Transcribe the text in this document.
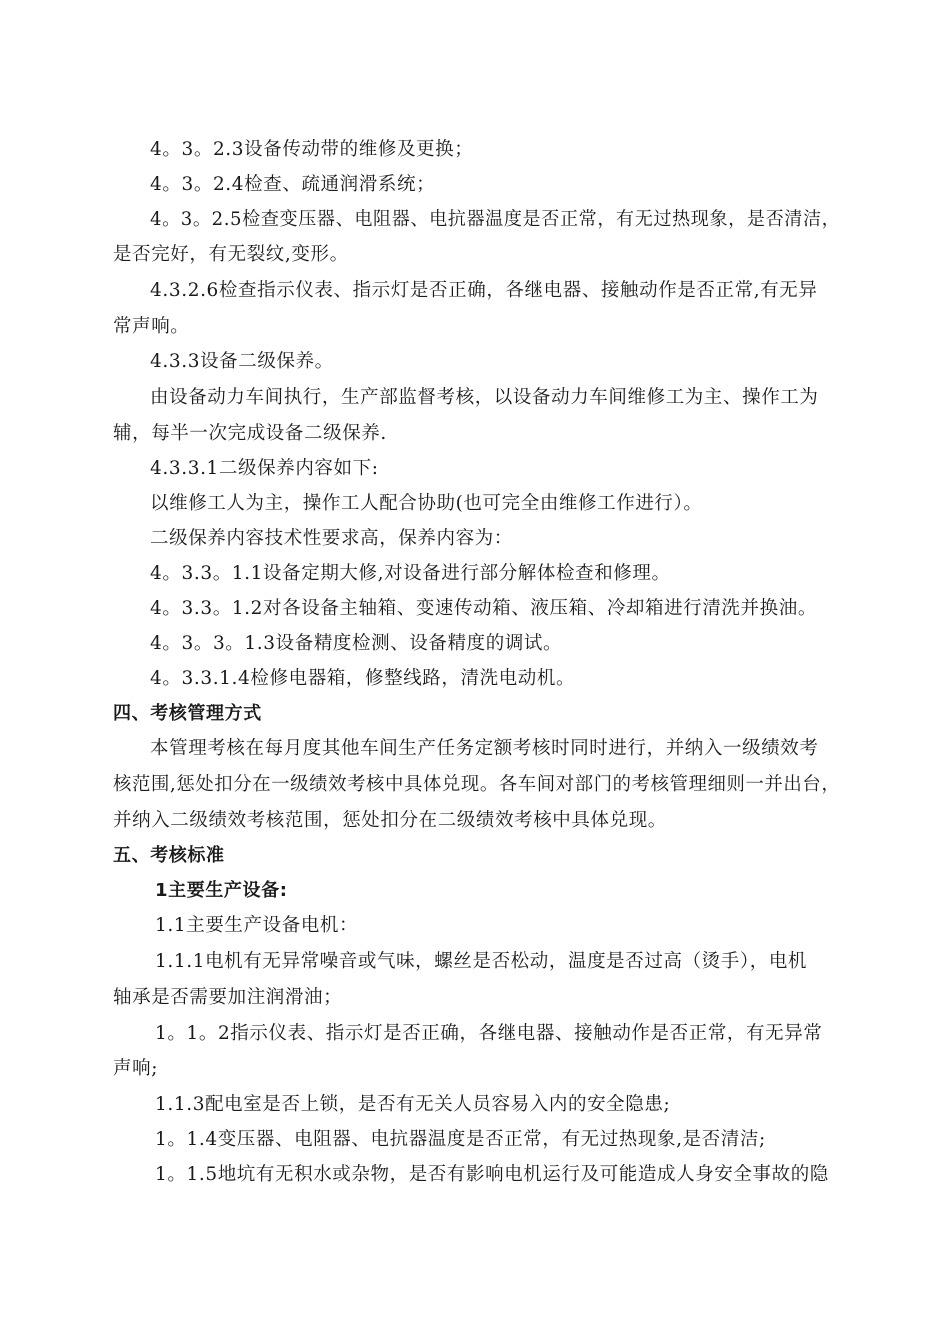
4。3。2.3设备传动带的维修及更换；
4。3。2.4检查、疏通润滑系统；
4。3。2.5检查变压器、电阻器、电抗器温度是否正常，有无过热现象，是否清洁，
是否完好，有无裂纹,变形。
4.3.2.6检查指示仪表、指示灯是否正确，各继电器、接触动作是否正常,有无异
常声响。
4.3.3设备二级保养。
由设备动力车间执行，生产部监督考核，以设备动力车间维修工为主、操作工为
辅，每半一次完成设备二级保养.
4.3.3.1二级保养内容如下:
以维修工人为主，操作工人配合协助(也可完全由维修工作进行）。
二级保养内容技术性要求高，保养内容为：
4。3.3。1.1设备定期大修,对设备进行部分解体检查和修理。
4。3.3。1.2对各设备主轴箱、变速传动箱、液压箱、冷却箱进行清洗并换油。
4。3。3。1.3设备精度检测、设备精度的调试。
4。3.3.1.4检修电器箱，修整线路，清洗电动机。
四、考核管理方式
本管理考核在每月度其他车间生产任务定额考核时同时进行，并纳入一级绩效考
核范围,惩处扣分在一级绩效考核中具体兑现。各车间对部门的考核管理细则一并出台，
并纳入二级绩效考核范围，惩处扣分在二级绩效考核中具体兑现。
五、考核标准
1主要生产设备:
1.1主要生产设备电机：
1.1.1电机有无异常噪音或气味，螺丝是否松动，温度是否过高（烫手），电机
轴承是否需要加注润滑油；
1。1。2指示仪表、指示灯是否正确，各继电器、接触动作是否正常，有无异常
声响;
1.1.3配电室是否上锁，是否有无关人员容易入内的安全隐患;
1。1.4变压器、电阻器、电抗器温度是否正常，有无过热现象,是否清洁;
1。1.5地坑有无积水或杂物，是否有影响电机运行及可能造成人身安全事故的隐
